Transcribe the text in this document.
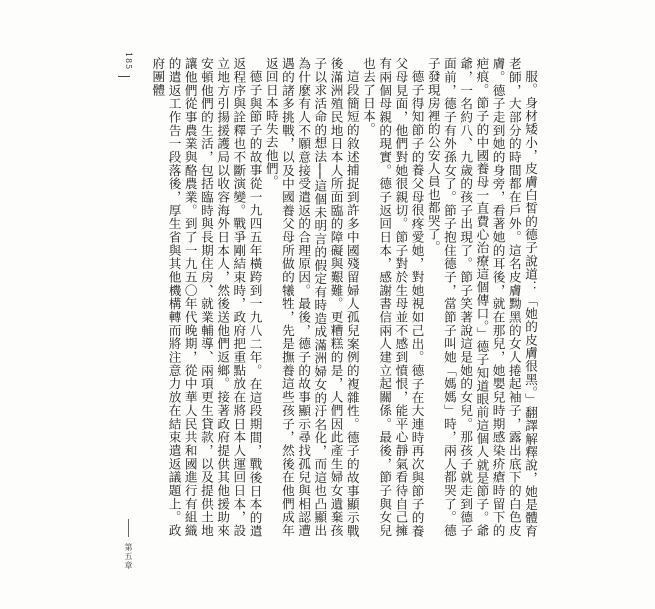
185

服。身材矮小，皮膚白皙的德子說道：「她的皮膚很黑。」翻譯解釋說，她是體育老師，大部分的時間都在戶外。這名皮膚黝黑的女人捲起袖子，露出底下的白色皮膚。德子走到她的身旁，看著她的耳後，就在那兒，她嬰兒時期感染疥瘡時留下的疤痕。節子的中國養母一直費心治療這個傳口。」德子知道眼前這個人就是節子。爺爺，一名約八、九歲的孩子出現了。節子笑著說這是她的女兒。那孩子就走到德子面前，德子有外孫女了。節子抱住德子，當節子叫她「媽媽」時，兩人都哭了。德子發現房裡的公安人員也都哭了。

德子得知節子的養父母很疼愛她，對她視如己出。德子在大連時再次與節子的養父母見面，他們對她很親切。節子對於生母並不感到憤恨，能平心靜氣看待自己擁有兩個母親的現實。德子返回日本，感謝書信兩人建立起關係。最後，節子與女兒也去了日本。

這段簡短的敘述捕捉到許多中國殘留婦人孤兒案例的複雜性。德子的故事顯示戰後滿洲殖民地日本人所面臨的障礙與艱難。更糟糕的是，人們因此產生婦女遺棄孩子以求活命的想法──這個未明言的假定有時造成滿洲婦女的汙名化，而這也凸顯出為什麼有人不願意接受遣返的合理原因。最後，德子的故事顯示尋找孤兒與相認遭遇的諸多挑戰，以及中國養父母所做的犧牲，先是撫養這些孩子，然後在他們成年返回日本時失去他們。

德子與節子的故事從一九四五年橫跨到一九八二年。在這段期間，戰後日本的遣返程序與詮釋也不斷演變。戰爭剛結束時，政府把重點放在將日本人運回日本，設立地方引揚援護局以收容海外日本人，然後送他們返鄉。接著政府提供其他援助來安頓他們的生活，包括臨時與長期住房、就業輔導、兩項更生貸款，以及提供土地讓他們從事農業與酪農業。到了一九五〇年代晚期，從中華人民共和國進行有組織的遣返工作告一段落後，厚生省與其他機構轉而將注意力放在結束遣返議題上。政府團體

第五章
